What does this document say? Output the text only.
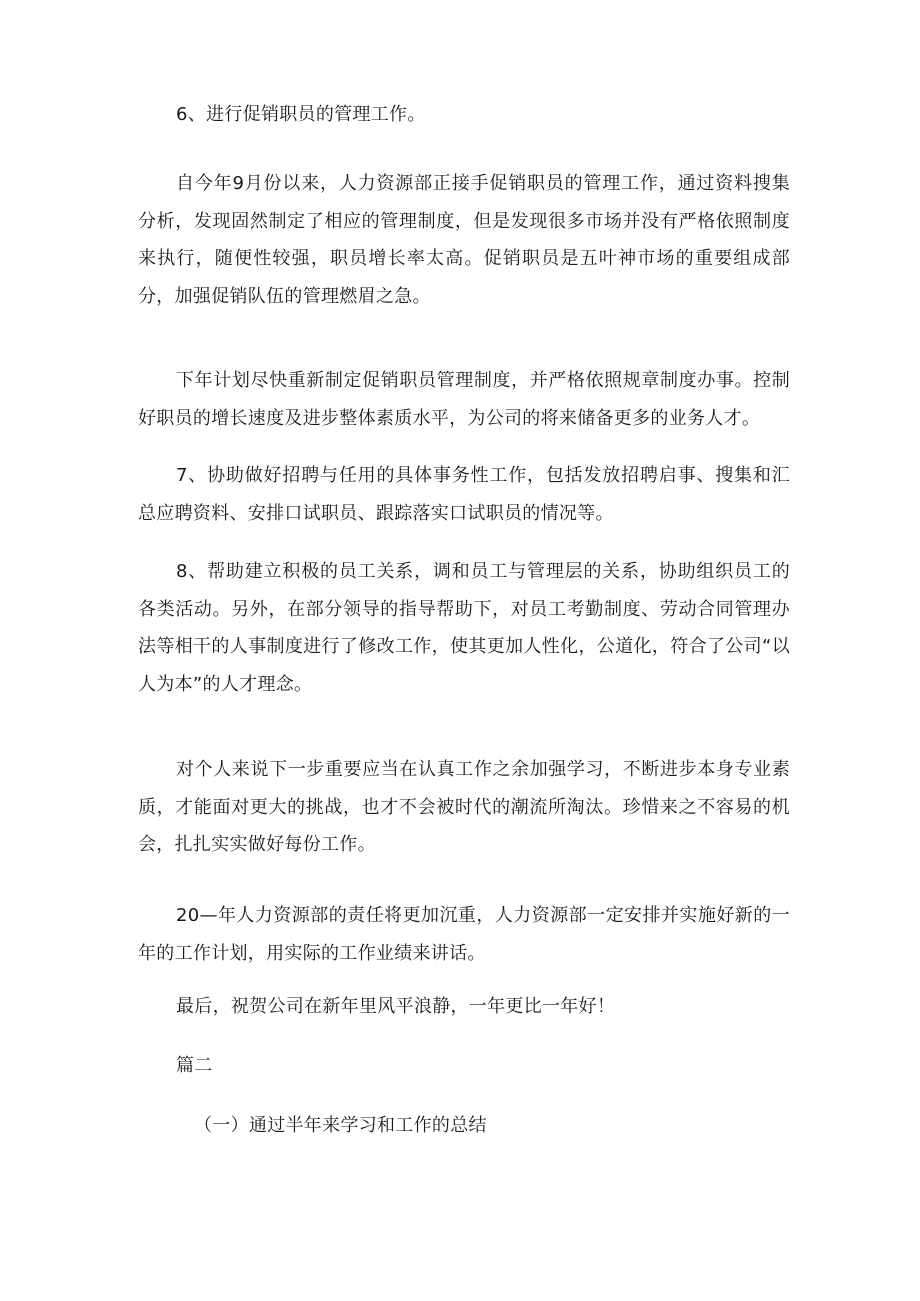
6、进行促销职员的管理工作。

自今年9月份以来，人力资源部正接手促销职员的管理工作，通过资料搜集分析，发现固然制定了相应的管理制度，但是发现很多市场并没有严格依照制度来执行，随便性较强，职员增长率太高。促销职员是五叶神市场的重要组成部分，加强促销队伍的管理燃眉之急。

下年计划尽快重新制定促销职员管理制度，并严格依照规章制度办事。控制好职员的增长速度及进步整体素质水平，为公司的将来储备更多的业务人才。

7、协助做好招聘与任用的具体事务性工作，包括发放招聘启事、搜集和汇总应聘资料、安排口试职员、跟踪落实口试职员的情况等。

8、帮助建立积极的员工关系，调和员工与管理层的关系，协助组织员工的各类活动。另外，在部分领导的指导帮助下，对员工考勤制度、劳动合同管理办法等相干的人事制度进行了修改工作，使其更加人性化，公道化，符合了公司“以人为本”的人才理念。

对个人来说下一步重要应当在认真工作之余加强学习，不断进步本身专业素质，才能面对更大的挑战，也才不会被时代的潮流所淘汰。珍惜来之不容易的机会，扎扎实实做好每份工作。

20—年人力资源部的责任将更加沉重，人力资源部一定安排并实施好新的一年的工作计划，用实际的工作业绩来讲话。

最后，祝贺公司在新年里风平浪静，一年更比一年好！

篇二

（一）通过半年来学习和工作的总结
